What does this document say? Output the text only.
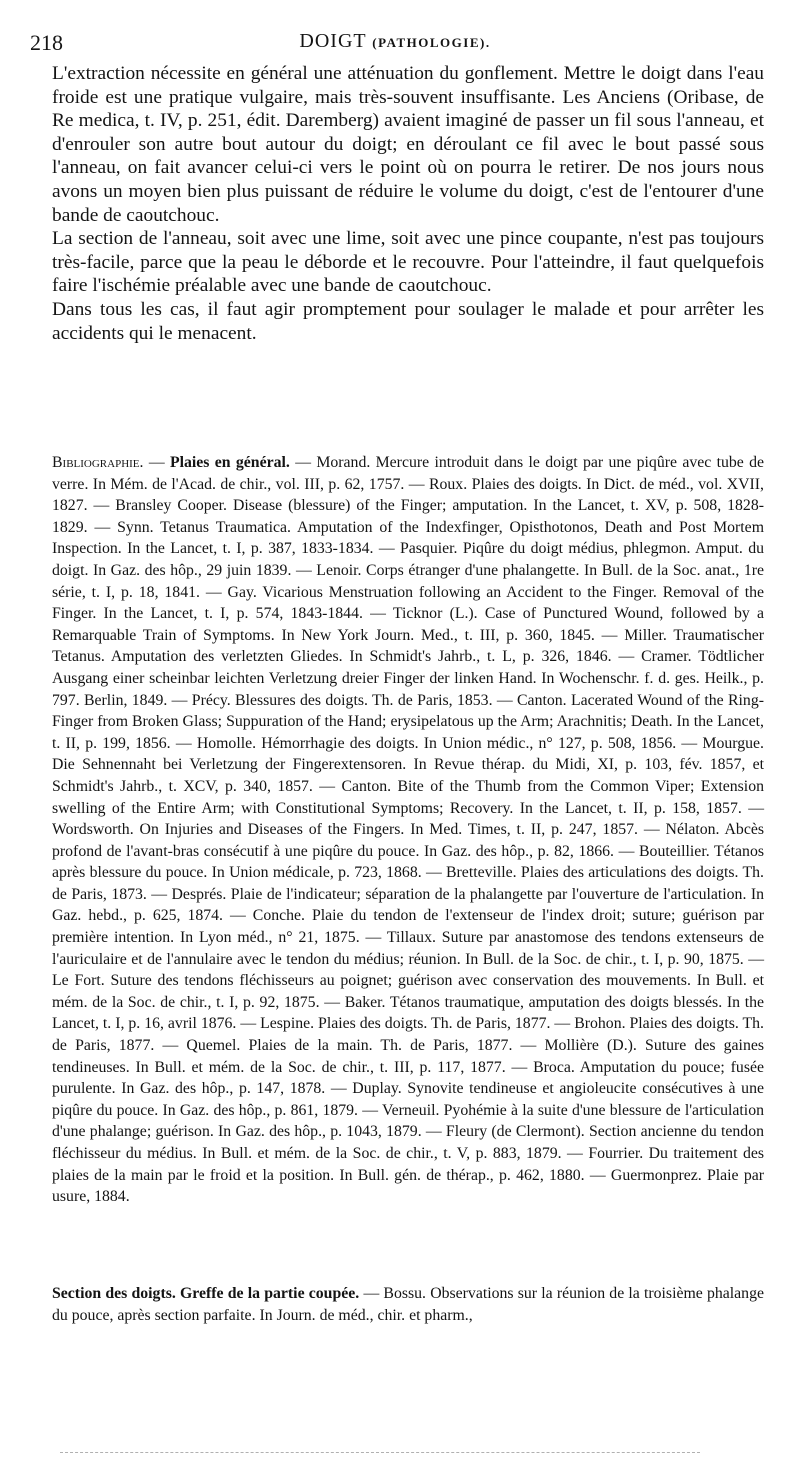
218	DOIGT (PATHOLOGIE).

L'extraction nécessite en général une atténuation du gonflement. Mettre le doigt dans l'eau froide est une pratique vulgaire, mais très-souvent insuffisante. Les Anciens (Oribase, de Re medica, t. IV, p. 251, édit. Daremberg) avaient imaginé de passer un fil sous l'anneau, et d'enrouler son autre bout autour du doigt; en déroulant ce fil avec le bout passé sous l'anneau, on fait avancer celui-ci vers le point où on pourra le retirer. De nos jours nous avons un moyen bien plus puissant de réduire le volume du doigt, c'est de l'entourer d'une bande de caoutchouc.

La section de l'anneau, soit avec une lime, soit avec une pince coupante, n'est pas toujours très-facile, parce que la peau le déborde et le recouvre. Pour l'atteindre, il faut quelquefois faire l'ischémie préalable avec une bande de caoutchouc.

Dans tous les cas, il faut agir promptement pour soulager le malade et pour arrêter les accidents qui le menacent.

Bibliographie. — Plaies en général. — Morand. Mercure introduit dans le doigt par une piqûre avec tube de verre. In Mém. de l'Acad. de chir., vol. III, p. 62, 1757. — Roux. Plaies des doigts. In Dict. de méd., vol. XVII, 1827. — Bransley Cooper. Disease (blessure) of the Finger; amputation. In the Lancet, t. XV, p. 508, 1828-1829. — Synn. Tetanus Traumatica. Amputation of the Indexfinger, Opisthotonos, Death and Post Mortem Inspection. In the Lancet, t. I, p. 387, 1833-1834. — Pasquier. Piqûre du doigt médius, phlegmon. Amput. du doigt. In Gaz. des hôp., 29 juin 1839. — Lenoir. Corps étranger d'une phalangette. In Bull. de la Soc. anat., 1re série, t. I, p. 18, 1841. — Gay. Vicarious Menstruation following an Accident to the Finger. Removal of the Finger. In the Lancet, t. I, p. 574, 1843-1844. — Ticknor (L.). Case of Punctured Wound, followed by a Remarquable Train of Symptoms. In New York Journ. Med., t. III, p. 360, 1845. — Miller. Traumatischer Tetanus. Amputation des verletzten Gliedes. In Schmidt's Jahrb., t. L, p. 326, 1846. — Cramer. Tödtlicher Ausgang einer scheinbar leichten Verletzung dreier Finger der linken Hand. In Wochenschr. f. d. ges. Heilk., p. 797. Berlin, 1849. — Précy. Blessures des doigts. Th. de Paris, 1853. — Canton. Lacerated Wound of the Ring-Finger from Broken Glass; Suppuration of the Hand; erysipelatous up the Arm; Arachnitis; Death. In the Lancet, t. II, p. 199, 1856. — Homolle. Hémorrhagie des doigts. In Union médic., n° 127, p. 508, 1856. — Mourgue. Die Sehnennaht bei Verletzung der Fingerextensoren. In Revue thérap. du Midi, XI, p. 103, fév. 1857, et Schmidt's Jahrb., t. XCV, p. 340, 1857. — Canton. Bite of the Thumb from the Common Viper; Extension swelling of the Entire Arm; with Constitutional Symptoms; Recovery. In the Lancet, t. II, p. 158, 1857. — Wordsworth. On Injuries and Diseases of the Fingers. In Med. Times, t. II, p. 247, 1857. — Nélaton. Abcès profond de l'avant-bras consécutif à une piqûre du pouce. In Gaz. des hôp., p. 82, 1866. — Bouteillier. Tétanos après blessure du pouce. In Union médicale, p. 723, 1868. — Bretteville. Plaies des articulations des doigts. Th. de Paris, 1873. — Després. Plaie de l'indicateur; séparation de la phalangette par l'ouverture de l'articulation. In Gaz. hebd., p. 625, 1874. — Conche. Plaie du tendon de l'extenseur de l'index droit; suture; guérison par première intention. In Lyon méd., n° 21, 1875. — Tillaux. Suture par anastomose des tendons extenseurs de l'auriculaire et de l'annulaire avec le tendon du médius; réunion. In Bull. de la Soc. de chir., t. I, p. 90, 1875. — Le Fort. Suture des tendons fléchisseurs au poignet; guérison avec conservation des mouvements. In Bull. et mém. de la Soc. de chir., t. I, p. 92, 1875. — Baker. Tétanos traumatique, amputation des doigts blessés. In the Lancet, t. I, p. 16, avril 1876. — Lespine. Plaies des doigts. Th. de Paris, 1877. — Brohon. Plaies des doigts. Th. de Paris, 1877. — Quemel. Plaies de la main. Th. de Paris, 1877. — Mollière (D.). Suture des gaines tendineuses. In Bull. et mém. de la Soc. de chir., t. III, p. 117, 1877. — Broca. Amputation du pouce; fusée purulente. In Gaz. des hôp., p. 147, 1878. — Duplay. Synovite tendineuse et angioleucite consécutives à une piqûre du pouce. In Gaz. des hôp., p. 861, 1879. — Verneuil. Pyohémie à la suite d'une blessure de l'articulation d'une phalange; guérison. In Gaz. des hôp., p. 1043, 1879. — Fleury (de Clermont). Section ancienne du tendon fléchisseur du médius. In Bull. et mém. de la Soc. de chir., t. V, p. 883, 1879. — Fourrier. Du traitement des plaies de la main par le froid et la position. In Bull. gén. de thérap., p. 462, 1880. — Guermonprez. Plaie par usure, 1884.

Section des doigts. Greffe de la partie coupée. — Bossu. Observations sur la réunion de la troisième phalange du pouce, après section parfaite. In Journ. de méd., chir. et pharm.,
